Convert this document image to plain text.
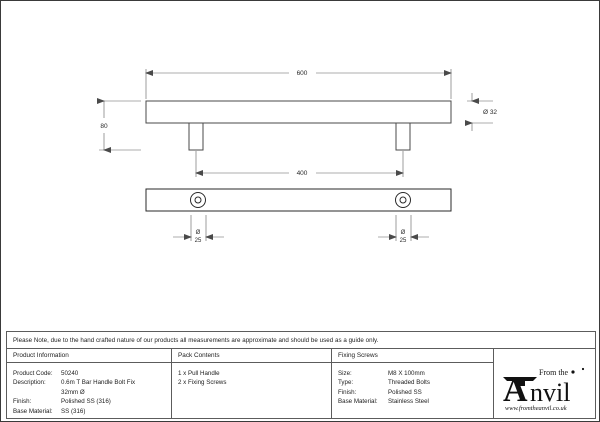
600
80
400
Ø 32
Ø
25
Ø
25
Please Note, due to the hand crafted nature of our products all measurements are approximate and should be used as a guide only.
Product Information
Product Code:	50240
Description:	0.6m T Bar Handle Bolt Fix
32mm Ø
Finish:	Polished SS (316)
Base Material:	SS (316)
Pack Contents
1 x Pull Handle
2 x Fixing Screws
Fixing Screws
Size:	M8 X 100mm
Type:	Threaded Bolts
Finish:	Polished SS
Base Material:	Stainless Steel	A nvil
From the
www.fromtheanvil.co.uk
